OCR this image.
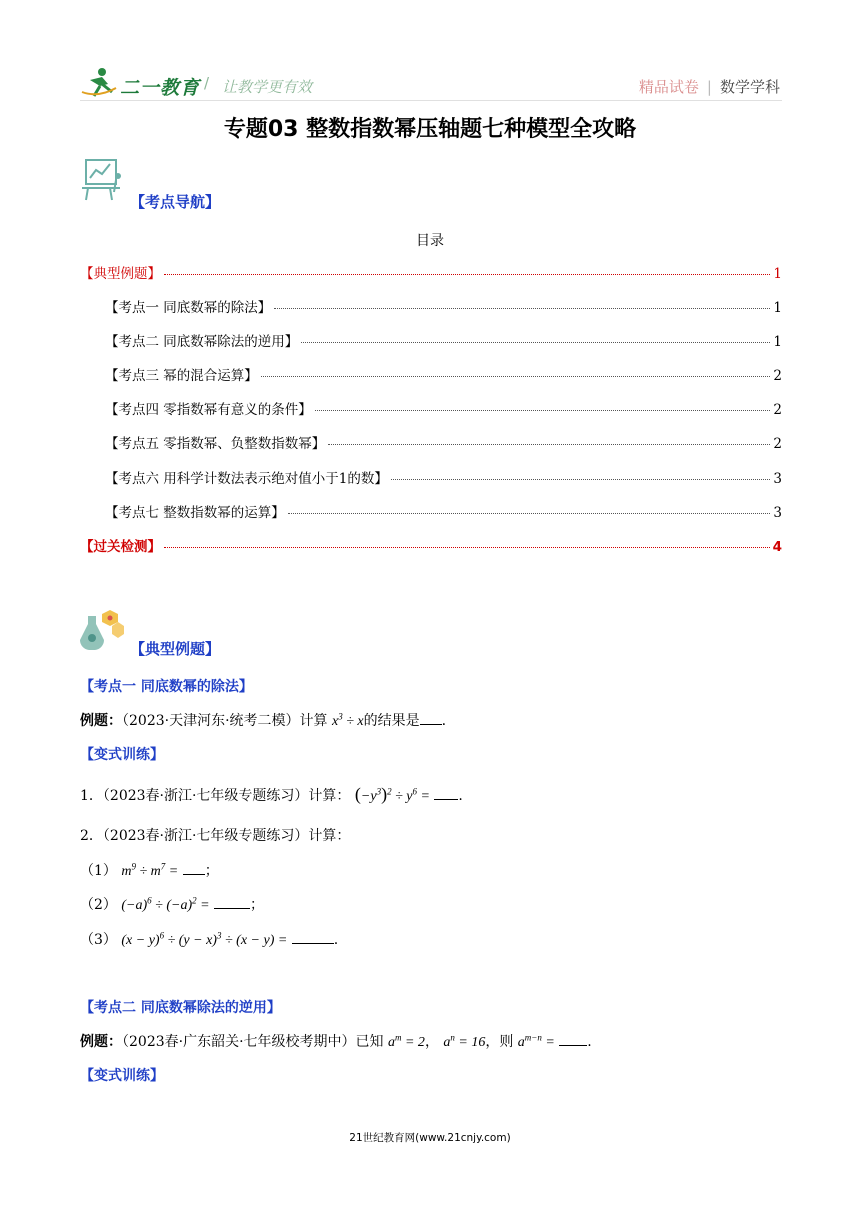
二一教育 / 让教学更有效	精品试卷 | 数学学科
专题03 整数指数幂压轴题七种模型全攻略
【考点导航】
目录
【典型例题】	1
【考点一 同底数幂的除法】	1
【考点二 同底数幂除法的逆用】	1
【考点三 幂的混合运算】	2
【考点四 零指数幂有意义的条件】	2
【考点五 零指数幂、负整数指数幂】	2
【考点六 用科学计数法表示绝对值小于1的数】	3
【考点七 整数指数幂的运算】	3
【过关检测】	4
【典型例题】
【考点一 同底数幂的除法】
例题：（2023·天津河东·统考二模）计算 $x^3 \div x$的结果是 .
【变式训练】
1．（2023春·浙江·七年级专题练习）计算： $(-y^3)^2 \div y^6$ = .
2．（2023春·浙江·七年级专题练习）计算：
（1） $m^9 \div m^7$ = ；
（2） $(-a)^6 \div (-a)^2$ =	；
（3） $(x - y)^6 \div (y - x)^3 \div (x - y)$ =	.
【考点二 同底数幂除法的逆用】
例题：（2023春·广东韶关·七年级校考期中）已知 $a^m = 2$， $a^n = 16$，则 $a^{m-n}$ = .
【变式训练】
21世纪教育网(www.21cnjy.com)
